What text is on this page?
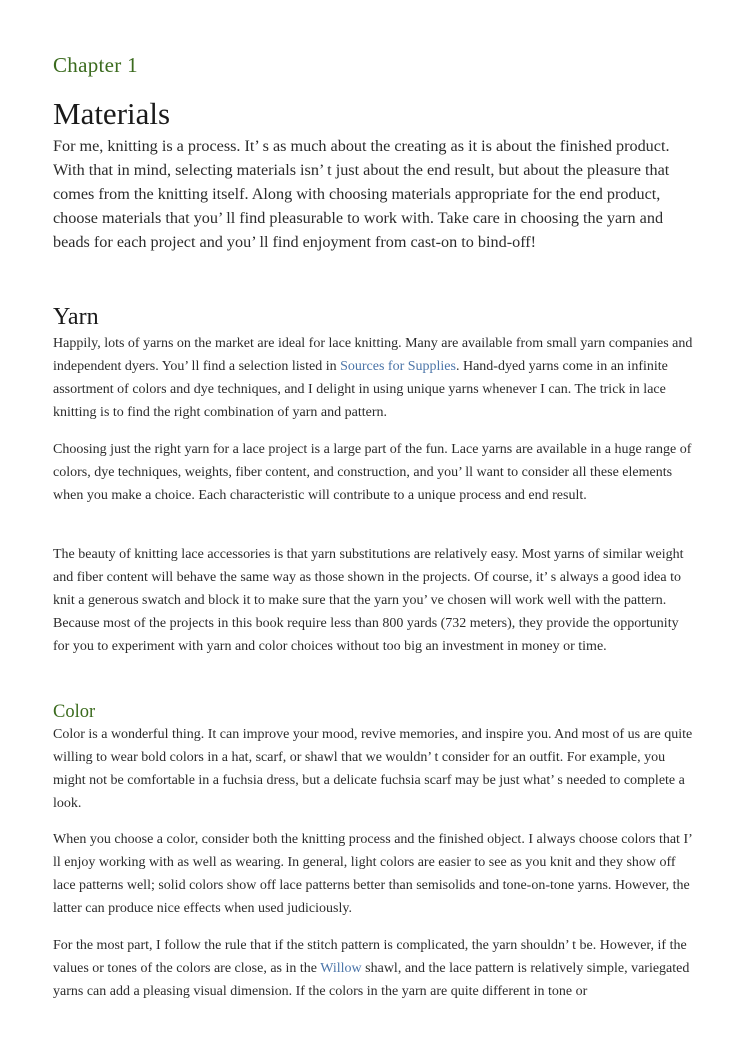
Chapter 1
Materials

For me, knitting is a process. It’ s as much about the creating as it is about the finished product. With that in mind, selecting materials isn’ t just about the end result, but about the pleasure that comes from the knitting itself. Along with choosing materials appropriate for the end product, choose materials that you’ ll find pleasurable to work with. Take care in choosing the yarn and beads for each project and you’ ll find enjoyment from cast-on to bind-off!

Yarn

Happily, lots of yarns on the market are ideal for lace knitting. Many are available from small yarn companies and independent dyers. You’ ll find a selection listed in Sources for Supplies. Hand-dyed yarns come in an infinite assortment of colors and dye techniques, and I delight in using unique yarns whenever I can. The trick in lace knitting is to find the right combination of yarn and pattern.

Choosing just the right yarn for a lace project is a large part of the fun. Lace yarns are available in a huge range of colors, dye techniques, weights, fiber content, and construction, and you’ ll want to consider all these elements when you make a choice. Each characteristic will contribute to a unique process and end result.

The beauty of knitting lace accessories is that yarn substitutions are relatively easy. Most yarns of similar weight and fiber content will behave the same way as those shown in the projects. Of course, it’ s always a good idea to knit a generous swatch and block it to make sure that the yarn you’ ve chosen will work well with the pattern. Because most of the projects in this book require less than 800 yards (732 meters), they provide the opportunity for you to experiment with yarn and color choices without too big an investment in money or time.

Color

Color is a wonderful thing. It can improve your mood, revive memories, and inspire you. And most of us are quite willing to wear bold colors in a hat, scarf, or shawl that we wouldn’ t consider for an outfit. For example, you might not be comfortable in a fuchsia dress, but a delicate fuchsia scarf may be just what’ s needed to complete a look.

When you choose a color, consider both the knitting process and the finished object. I always choose colors that I’ ll enjoy working with as well as wearing. In general, light colors are easier to see as you knit and they show off lace patterns well; solid colors show off lace patterns better than semisolids and tone-on-tone yarns. However, the latter can produce nice effects when used judiciously.

For the most part, I follow the rule that if the stitch pattern is complicated, the yarn shouldn’ t be. However, if the values or tones of the colors are close, as in the Willow shawl, and the lace pattern is relatively simple, variegated yarns can add a pleasing visual dimension. If the colors in the yarn are quite different in tone or
